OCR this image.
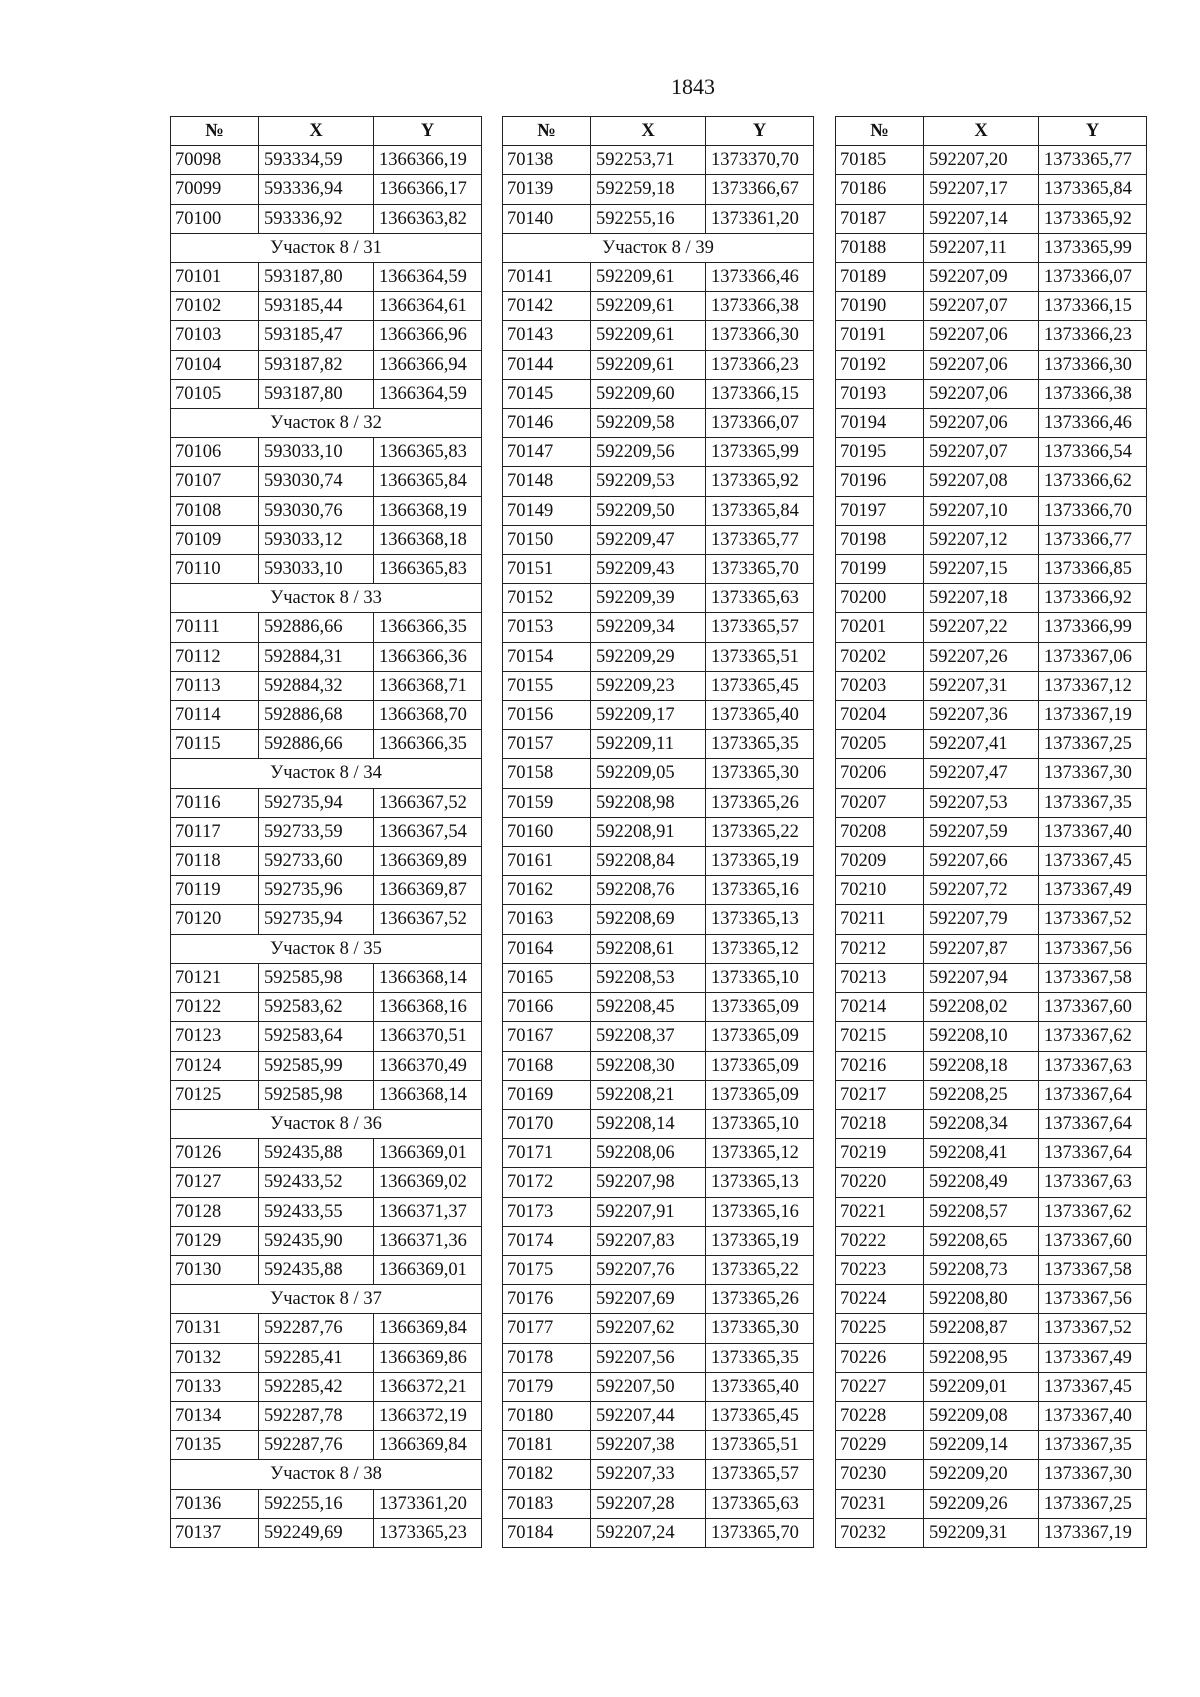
1843
№	X	Y
70098	593334,59	1366366,19
70099	593336,94	1366366,17
70100	593336,92	1366363,82
Участок 8 / 31		
70101	593187,80	1366364,59
70102	593185,44	1366364,61
70103	593185,47	1366366,96
70104	593187,82	1366366,94
70105	593187,80	1366364,59
Участок 8 / 32		
70106	593033,10	1366365,83
70107	593030,74	1366365,84
70108	593030,76	1366368,19
70109	593033,12	1366368,18
70110	593033,10	1366365,83
Участок 8 / 33		
70111	592886,66	1366366,35
70112	592884,31	1366366,36
70113	592884,32	1366368,71
70114	592886,68	1366368,70
70115	592886,66	1366366,35
Участок 8 / 34		
70116	592735,94	1366367,52
70117	592733,59	1366367,54
70118	592733,60	1366369,89
70119	592735,96	1366369,87
70120	592735,94	1366367,52
Участок 8 / 35		
70121	592585,98	1366368,14
70122	592583,62	1366368,16
70123	592583,64	1366370,51
70124	592585,99	1366370,49
70125	592585,98	1366368,14
Участок 8 / 36		
70126	592435,88	1366369,01
70127	592433,52	1366369,02
70128	592433,55	1366371,37
70129	592435,90	1366371,36
70130	592435,88	1366369,01
Участок 8 / 37		
70131	592287,76	1366369,84
70132	592285,41	1366369,86
70133	592285,42	1366372,21
70134	592287,78	1366372,19
70135	592287,76	1366369,84
Участок 8 / 38		
70136	592255,16	1373361,20
70137	592249,69	1373365,23
№	X	Y
70138	592253,71	1373370,70
70139	592259,18	1373366,67
70140	592255,16	1373361,20
Участок 8 / 39		
70141	592209,61	1373366,46
70142	592209,61	1373366,38
70143	592209,61	1373366,30
70144	592209,61	1373366,23
70145	592209,60	1373366,15
70146	592209,58	1373366,07
70147	592209,56	1373365,99
70148	592209,53	1373365,92
70149	592209,50	1373365,84
70150	592209,47	1373365,77
70151	592209,43	1373365,70
70152	592209,39	1373365,63
70153	592209,34	1373365,57
70154	592209,29	1373365,51
70155	592209,23	1373365,45
70156	592209,17	1373365,40
70157	592209,11	1373365,35
70158	592209,05	1373365,30
70159	592208,98	1373365,26
70160	592208,91	1373365,22
70161	592208,84	1373365,19
70162	592208,76	1373365,16
70163	592208,69	1373365,13
70164	592208,61	1373365,12
70165	592208,53	1373365,10
70166	592208,45	1373365,09
70167	592208,37	1373365,09
70168	592208,30	1373365,09
70169	592208,21	1373365,09
70170	592208,14	1373365,10
70171	592208,06	1373365,12
70172	592207,98	1373365,13
70173	592207,91	1373365,16
70174	592207,83	1373365,19
70175	592207,76	1373365,22
70176	592207,69	1373365,26
70177	592207,62	1373365,30
70178	592207,56	1373365,35
70179	592207,50	1373365,40
70180	592207,44	1373365,45
70181	592207,38	1373365,51
70182	592207,33	1373365,57
70183	592207,28	1373365,63
70184	592207,24	1373365,70
№	X	Y
70185	592207,20	1373365,77
70186	592207,17	1373365,84
70187	592207,14	1373365,92
70188	592207,11	1373365,99
70189	592207,09	1373366,07
70190	592207,07	1373366,15
70191	592207,06	1373366,23
70192	592207,06	1373366,30
70193	592207,06	1373366,38
70194	592207,06	1373366,46
70195	592207,07	1373366,54
70196	592207,08	1373366,62
70197	592207,10	1373366,70
70198	592207,12	1373366,77
70199	592207,15	1373366,85
70200	592207,18	1373366,92
70201	592207,22	1373366,99
70202	592207,26	1373367,06
70203	592207,31	1373367,12
70204	592207,36	1373367,19
70205	592207,41	1373367,25
70206	592207,47	1373367,30
70207	592207,53	1373367,35
70208	592207,59	1373367,40
70209	592207,66	1373367,45
70210	592207,72	1373367,49
70211	592207,79	1373367,52
70212	592207,87	1373367,56
70213	592207,94	1373367,58
70214	592208,02	1373367,60
70215	592208,10	1373367,62
70216	592208,18	1373367,63
70217	592208,25	1373367,64
70218	592208,34	1373367,64
70219	592208,41	1373367,64
70220	592208,49	1373367,63
70221	592208,57	1373367,62
70222	592208,65	1373367,60
70223	592208,73	1373367,58
70224	592208,80	1373367,56
70225	592208,87	1373367,52
70226	592208,95	1373367,49
70227	592209,01	1373367,45
70228	592209,08	1373367,40
70229	592209,14	1373367,35
70230	592209,20	1373367,30
70231	592209,26	1373367,25
70232	592209,31	1373367,19
